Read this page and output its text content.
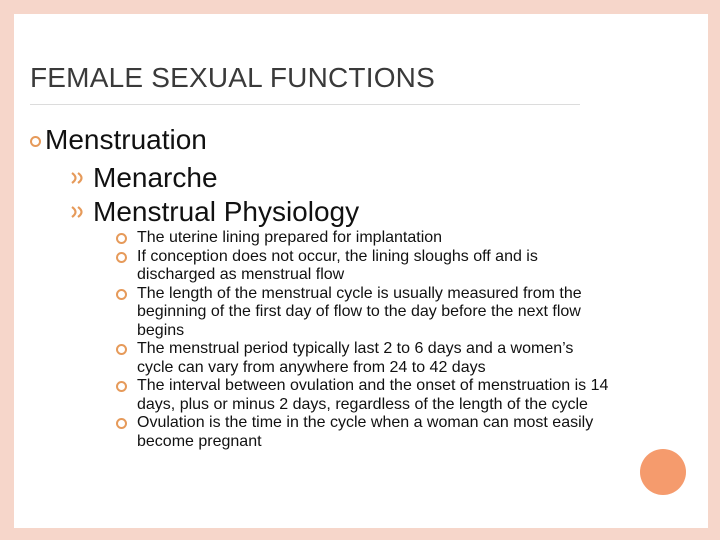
FEMALE SEXUAL FUNCTIONS
Menstruation
Menarche
Menstrual Physiology
The uterine lining prepared for implantation
If conception does not occur, the lining sloughs off and is discharged as menstrual flow
The length of the menstrual cycle is usually measured from the beginning of the first day of flow to the day before the next flow begins
The menstrual period typically last 2 to 6 days and a women’s cycle can vary from anywhere from 24 to 42 days
The interval between ovulation and the onset of menstruation is 14 days, plus or minus 2 days, regardless of the length of the cycle
Ovulation is the time in the cycle when a woman can most easily become pregnant
